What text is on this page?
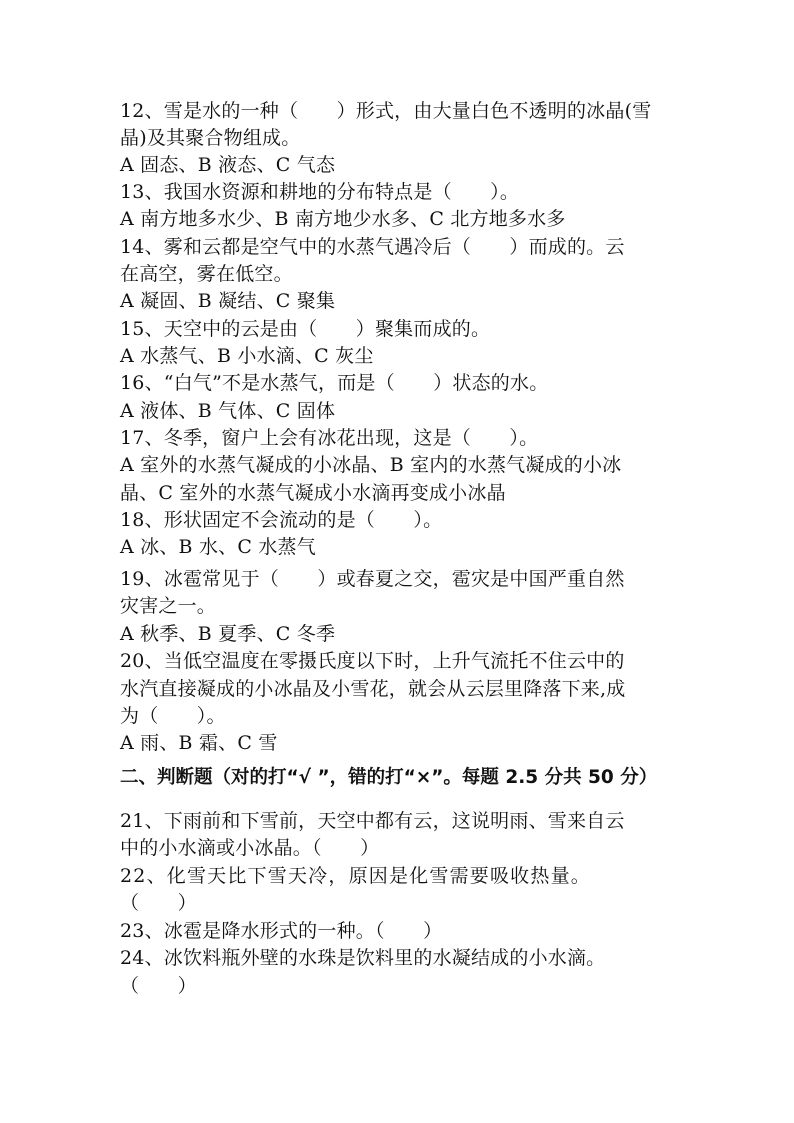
12、雪是水的一种（　　）形式，由大量白色不透明的冰晶(雪
晶)及其聚合物组成。
A 固态、B 液态、C 气态
13、我国水资源和耕地的分布特点是（　　）。
A 南方地多水少、B 南方地少水多、C 北方地多水多
14、雾和云都是空气中的水蒸气遇冷后（　　）而成的。云
在高空，雾在低空。
A 凝固、B 凝结、C 聚集
15、天空中的云是由（　　）聚集而成的。
A 水蒸气、B 小水滴、C 灰尘
16、“白气”不是水蒸气，而是（　　）状态的水。
A 液体、B 气体、C 固体
17、冬季，窗户上会有冰花出现，这是（　　）。
A 室外的水蒸气凝成的小冰晶、B 室内的水蒸气凝成的小冰
晶、C 室外的水蒸气凝成小水滴再变成小冰晶
18、形状固定不会流动的是（　　）。
A 冰、B 水、C 水蒸气
19、冰雹常见于（　　）或春夏之交，雹灾是中国严重自然
灾害之一。
A 秋季、B 夏季、C 冬季
20、当低空温度在零摄氏度以下时，上升气流托不住云中的
水汽直接凝成的小冰晶及小雪花，就会从云层里降落下来,成
为（　　）。
A 雨、B 霜、C 雪
二、判断题（对的打“√ ”，错的打“×”。每题 2.5 分共 50 分）
21、下雨前和下雪前，天空中都有云，这说明雨、雪来自云
中的小水滴或小冰晶。（　　）
22、化雪天比下雪天冷，原因是化雪需要吸收热量。
（　　）
23、冰雹是降水形式的一种。（　　）
24、冰饮料瓶外壁的水珠是饮料里的水凝结成的小水滴。
（　　）
